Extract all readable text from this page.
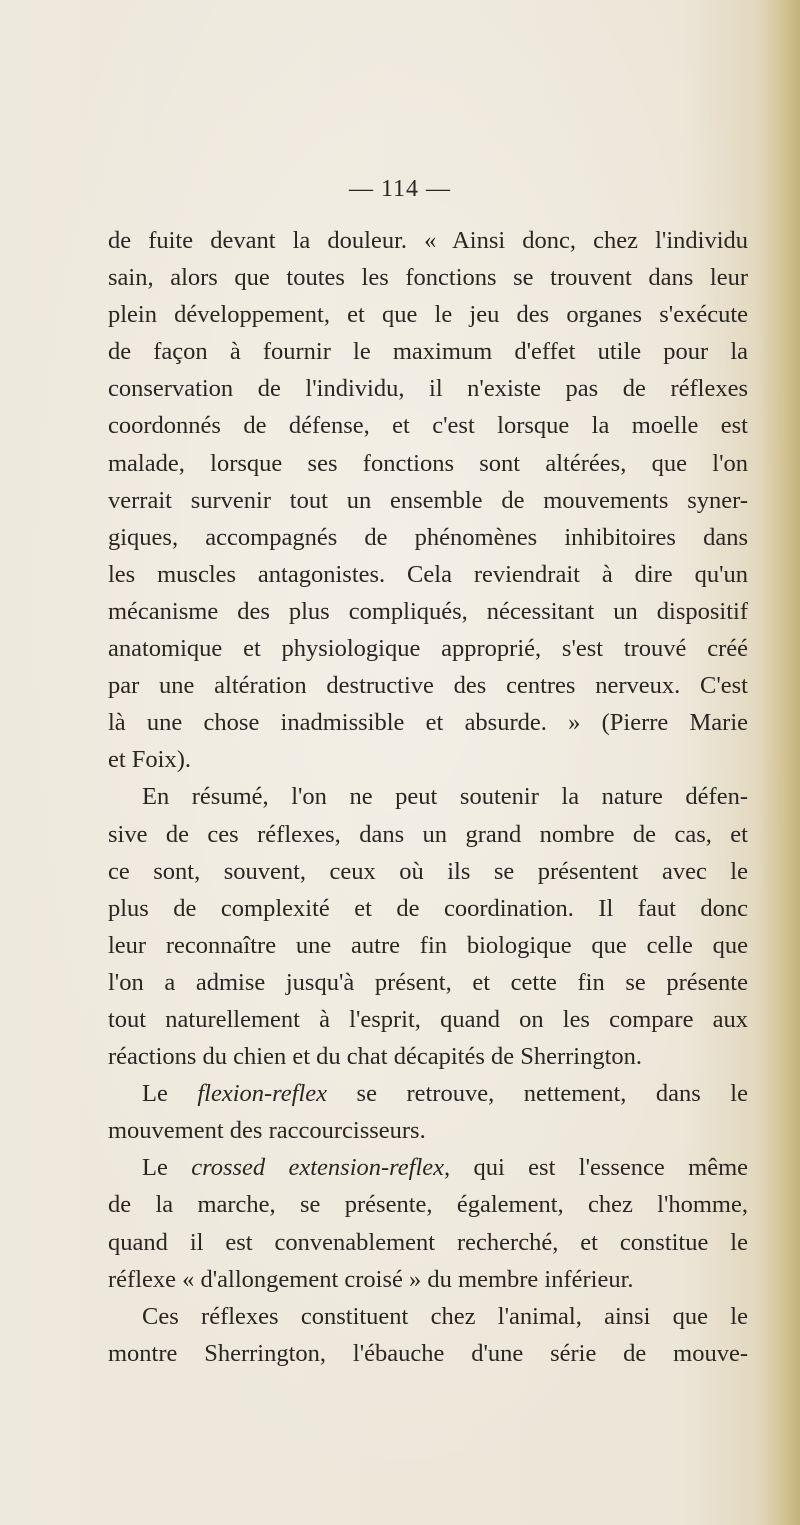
— 114 —
de fuite devant la douleur. « Ainsi donc, chez l'individu
sain, alors que toutes les fonctions se trouvent dans leur
plein développement, et que le jeu des organes s'exécute
de façon à fournir le maximum d'effet utile pour la
conservation de l'individu, il n'existe pas de réflexes
coordonnés de défense, et c'est lorsque la moelle est
malade, lorsque ses fonctions sont altérées, que l'on
verrait survenir tout un ensemble de mouvements syner-
giques, accompagnés de phénomènes inhibitoires dans
les muscles antagonistes. Cela reviendrait à dire qu'un
mécanisme des plus compliqués, nécessitant un dispositif
anatomique et physiologique approprié, s'est trouvé créé
par une altération destructive des centres nerveux. C'est
là une chose inadmissible et absurde. » (Pierre Marie
et Foix).
En résumé, l'on ne peut soutenir la nature défen-
sive de ces réflexes, dans un grand nombre de cas, et
ce sont, souvent, ceux où ils se présentent avec le
plus de complexité et de coordination. Il faut donc
leur reconnaître une autre fin biologique que celle que
l'on a admise jusqu'à présent, et cette fin se présente
tout naturellement à l'esprit, quand on les compare aux
réactions du chien et du chat décapités de Sherrington.
Le flexion-reflex se retrouve, nettement, dans le
mouvement des raccourcisseurs.
Le crossed extension-reflex, qui est l'essence même
de la marche, se présente, également, chez l'homme,
quand il est convenablement recherché, et constitue le
réflexe « d'allongement croisé » du membre inférieur.
Ces réflexes constituent chez l'animal, ainsi que le
montre Sherrington, l'ébauche d'une série de mouve-
